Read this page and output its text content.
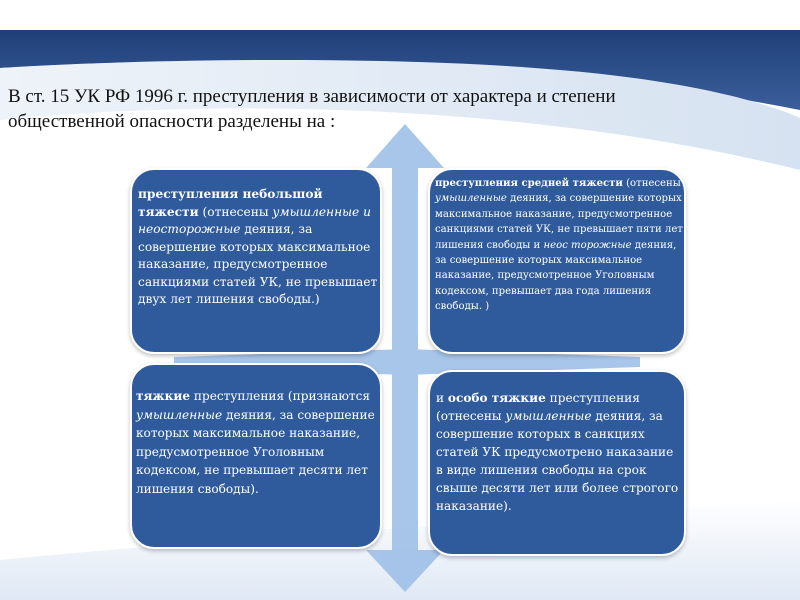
В ст. 15 УК РФ 1996 г. преступления в зависимости от характера и степени
общественной опасности разделены на :
преступления небольшой тяжести (отнесены умышленные и неосторожные деяния, за совершение которых максимальное наказание, предусмотренное санкциями статей УК, не превышает двух лет лишения свободы.)
преступления средней тяжести (отнесены умышленные деяния, за совершение которых максимальное наказание, предусмотренное санкциями статей УК, не превышает пяти лет лишения свободы и неос торожные деяния, за совершение которых максимальное наказание, предусмотренное Уголовным кодексом, превышает два года лишения свободы. )
тяжкие преступления (признаются умышленные деяния, за совершение которых максимальное наказание, предусмотренное Уголовным кодексом, не превышает десяти лет лишения свободы).
и особо тяжкие преступления (отнесены умышленные деяния, за совершение которых в санкциях статей УК предусмотрено наказание в виде лишения свободы на срок свыше десяти лет или более строгого наказание).
